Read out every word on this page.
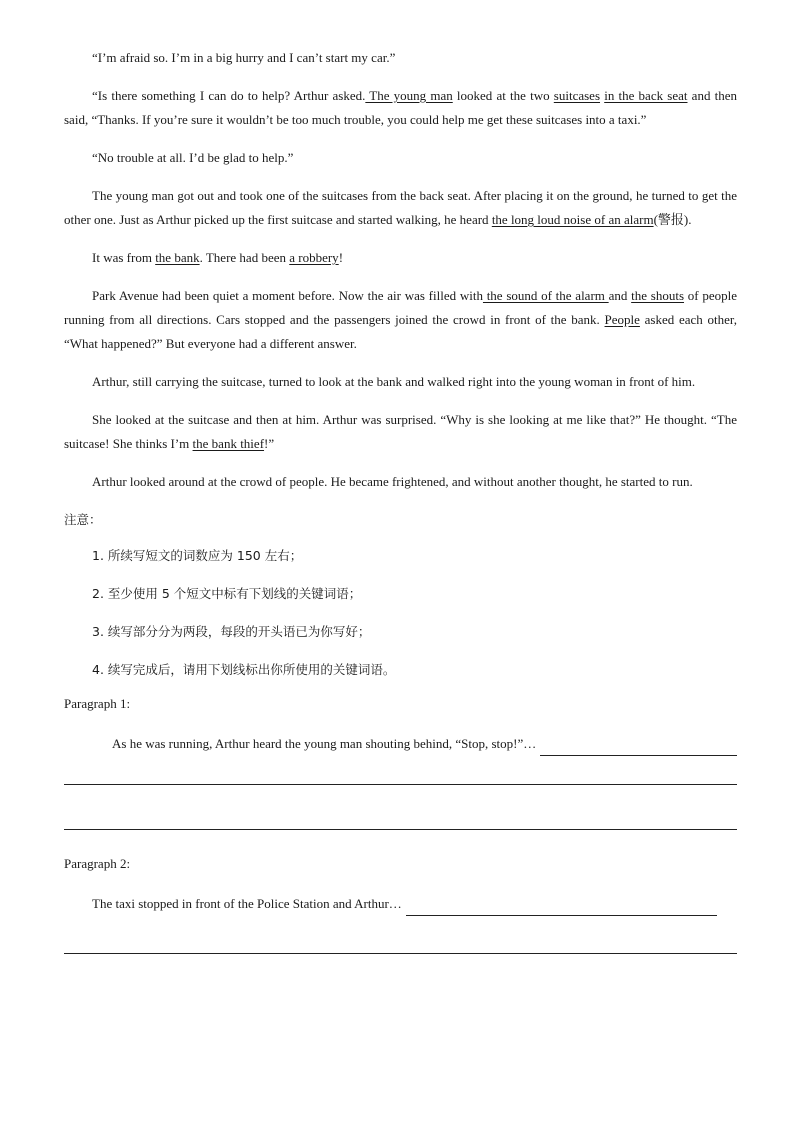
“I’m afraid so. I’m in a big hurry and I can’t start my car.”

“Is there something I can do to help? Arthur asked. The young man looked at the two suitcases in the back seat and then said, “Thanks. If you’re sure it wouldn’t be too much trouble, you could help me get these suitcases into a taxi.”

“No trouble at all. I’d be glad to help.”

The young man got out and took one of the suitcases from the back seat. After placing it on the ground, he turned to get the other one. Just as Arthur picked up the first suitcase and started walking, he heard the long loud noise of an alarm(警报).

It was from the bank. There had been a robbery!

Park Avenue had been quiet a moment before. Now the air was filled with the sound of the alarm and the shouts of people running from all directions. Cars stopped and the passengers joined the crowd in front of the bank. People asked each other, “What happened?” But everyone had a different answer.

Arthur, still carrying the suitcase, turned to look at the bank and walked right into the young woman in front of him.

She looked at the suitcase and then at him. Arthur was surprised. “Why is she looking at me like that?” He thought. “The suitcase! She thinks I’m the bank thief!”

Arthur looked around at the crowd of people. He became frightened, and without another thought, he started to run.

注意：

1. 所续写短文的词数应为 150 左右；

2. 至少使用 5 个短文中标有下划线的关键词语；

3. 续写部分分为两段，每段的开头语已为你写好；

4. 续写完成后，请用下划线标出你所使用的关键词语。

Paragraph 1:

As he was running, Arthur heard the young man shouting behind, “Stop, stop!”…

Paragraph 2:

The taxi stopped in front of the Police Station and Arthur…
